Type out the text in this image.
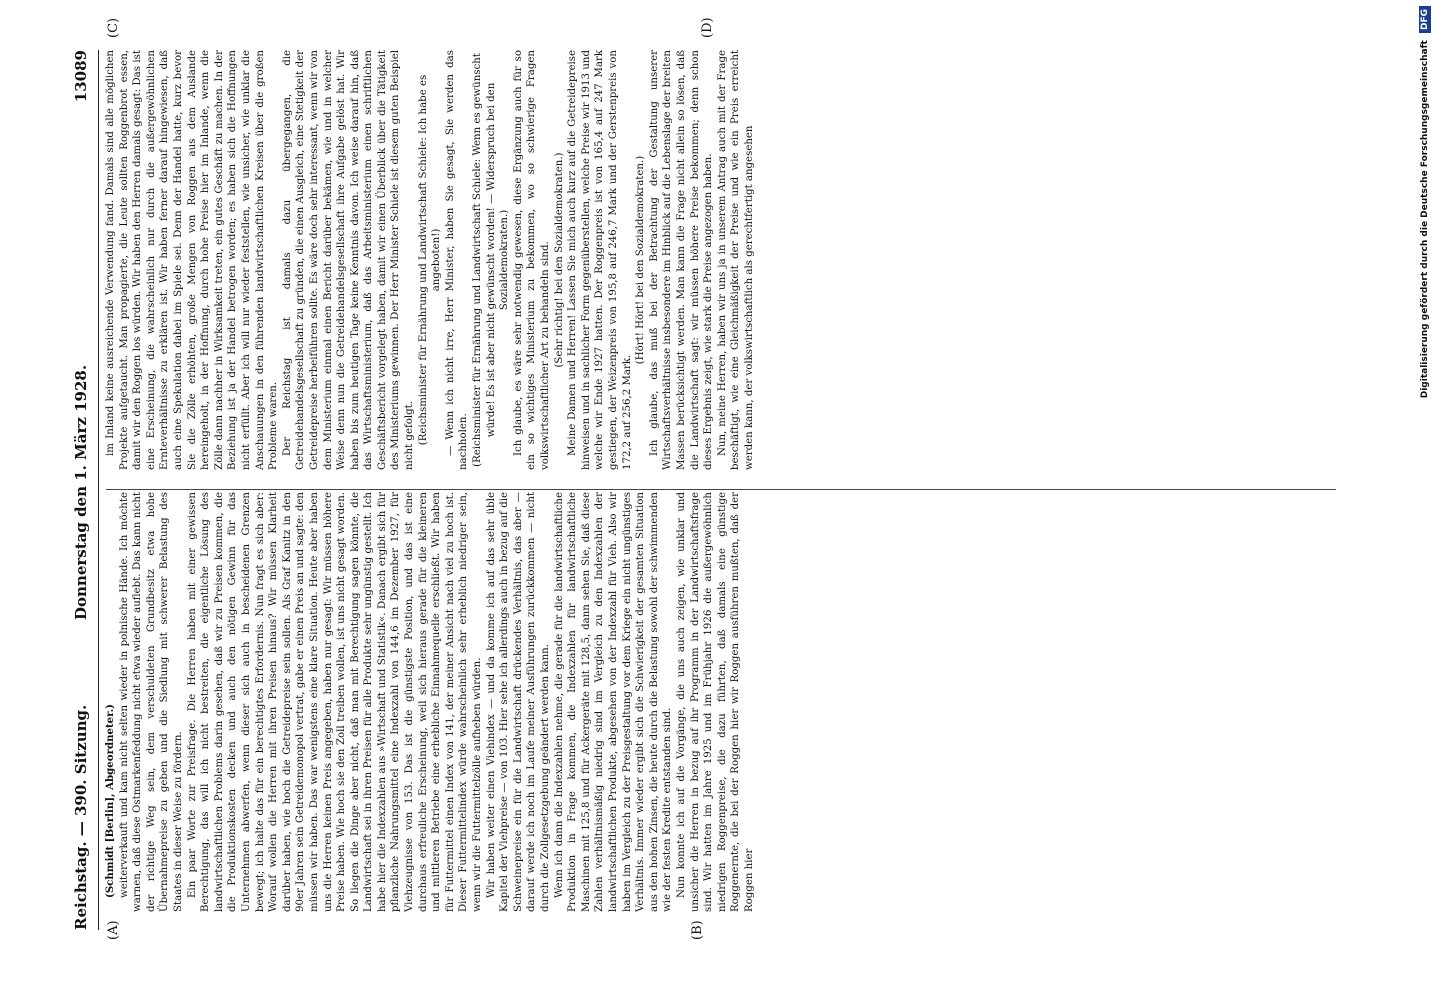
Reichstag. — 390. Sitzung.
Donnerstag den 1. März 1928.
13089
(A)	(B)
(C)	(D)

(Schmidt [Berlin], Abgeordneter.) weiterverkauft und kam nicht selten wieder in polnische Hände. Ich möchte warnen, daß diese Ostmarkenfeddung nicht etwa wieder auflebt. Das kann nicht der richtige Weg sein, dem verschuldeten Grundbesitz etwa hohe Übernahmepreise zu geben und die Siedlung mit schwerer Belastung des Staates in dieser Weise zu fördern. Ein paar Worte zur Preisfrage. Die Herren haben mit einer gewissen Berechtigung, das will ich nicht bestreiten, die eigentliche Lösung des landwirtschaftlichen Problems darin gesehen, daß wir zu Preisen kommen, die die Produktionskosten decken und auch den nötigen Gewinn für das Unternehmen abwerfen, wenn dieser sich auch in bescheidenen Grenzen bewegt; ich halte das für ein berechtigtes Erfordernis. Nun fragt es sich aber: Worauf wollen die Herren mit ihren Preisen hinaus? Wir müssen Klarheit darüber haben, wie hoch die Getreidepreise sein sollen. Als Graf Kanitz in den 90er Jahren sein Getreidemonopol vertrat, gabe er einen Preis an und sagte: den müssen wir haben. Das war wenigstens eine klare Situation. Heute aber haben uns die Herren keinen Preis angegeben, haben nur gesagt: Wir müssen höhere Preise haben. Wie hoch sie den Zoll treiben wollen, ist uns nicht gesagt worden. So liegen die Dinge aber nicht, daß man mit Berechtigung sagen könnte, die Landwirtschaft sei in ihren Preisen für alle Produkte sehr ungünstig gestellt. Ich habe hier die Indexzahlen aus »Wirtschaft und Statistik«. Danach ergibt sich für pflanzliche Nahrungsmittel eine Indexzahl von 144,6 im Dezember 1927, für Viehzeugnisse von 153. Das ist die günstigste Position, und das ist eine durchaus erfreuliche Erscheinung, weil sich hieraus gerade für die kleineren und mittleren Betriebe eine erhebliche Einnahmequelle erschließt. Wir haben für Futtermittel einen Index von 141, der meiner Ansicht nach viel zu hoch ist. Dieser Futtermittelindex würde wahrscheinlich sehr erheblich niedriger sein, wenn wir die Futtermittelzölle aufheben würden. Wir haben weiter einen Viehindex — und da komme ich auf das sehr üble Kapitel der Viehpreise — von 103. Hier sehe ich allerdings auch in bezug auf die Schweinepreise ein für die Landwirtschaft drückendes Verhältnis, das aber — darauf werde ich noch im Laufe meiner Ausführungen zurückkommen — nicht durch die Zollgesetzgebung geändert werden kann. Wenn ich dann die Indexzahlen nehme, die gerade für die landwirtschaftliche Produktion in Frage kommen, die Indexzahlen für landwirtschaftliche Maschinen mit 125,8 und für Ackergeräte mit 128,5, dann sehen Sie, daß diese Zahlen verhältnismäßig niedrig sind im Vergleich zu den Indexzahlen der landwirtschaftlichen Produkte, abgesehen von der Indexzahl für Vieh. Also wir haben im Vergleich zu der Preisgestaltung vor dem Kriege ein nicht ungünstiges Verhältnis. Immer wieder ergibt sich die Schwierigkeit der gesamten Situation aus den hohen Zinsen, die heute durch die Belastung sowohl der schwimmenden wie der festen Kredite entstanden sind. Nun konnte ich auf die Vorgänge, die uns auch zeigen, wie unklar und unsicher die Herren in bezug auf ihr Programm in der Landwirtschaftsfrage sind. Wir hatten im Jahre 1925 und im Frühjahr 1926 die außergewöhnlich niedrigen Roggenpreise, die dazu führten, daß damals eine günstige Roggenernte, die bei der Roggen hier wir Roggen ausführen mußten, daß der Roggen hier

im Inland keine ausreichende Verwendung fand. Damals sind alle möglichen Projekte aufgetaucht. Man propagierte, die Leute sollten Roggenbrot essen, damit wir den Roggen los würden. Wir haben den Herren damals gesagt: Das ist eine Erscheinung, die wahrscheinlich nur durch die außergewöhnlichen Ernteverhältnisse zu erklären ist. Wir haben ferner darauf hingewiesen, daß auch eine Spekulation dabei im Spiele sei. Denn der Handel hatte, kurz bevor Sie die Zölle erhöhten, große Mengen von Roggen aus dem Auslande hereingeholt, in der Hoffnung, durch hohe Preise hier im Inlande, wenn die Zölle dann nachher in Wirksamkeit treten, ein gutes Geschäft zu machen. In der Beziehung ist ja der Handel betrogen worden; es haben sich die Hoffnungen nicht erfüllt. Aber ich will nur wieder feststellen, wie unsicher, wie unklar die Anschauungen in den führenden landwirtschaftlichen Kreisen über die großen Probleme waren. Der Reichstag ist damals dazu übergegangen, die Getreidehandelsgesellschaft zu gründen, die einen Ausgleich, eine Stetigkeit der Getreidepreise herbeiführen sollte. Es wäre doch sehr interessant, wenn wir von dem Ministerium einmal einen Bericht darüber bekämen, wie und in welcher Weise denn nun die Getreidehandelsgesellschaft ihre Aufgabe gelöst hat. Wir haben bis zum heutigen Tage keine Kenntnis davon. Ich weise darauf hin, daß das Wirtschaftsministerium, daß das Arbeitsministerium einen schriftlichen Geschäftsbericht vorgelegt haben, damit wir einen Überblick über die Tätigkeit des Ministeriums gewinnen. Der Herr Minister Schiele ist diesem guten Beispiel nicht gefolgt. (Reichsminister für Ernährung und Landwirtschaft Schiele: Ich habe es angeboten!) — Wenn ich nicht irre, Herr Minister, haben Sie gesagt, Sie werden das nachholen. (Reichsminister für Ernährung und Landwirtschaft Schiele: Wenn es gewünscht würde! Es ist aber nicht gewünscht worden! — Widerspruch bei den Sozialdemokraten.) Ich glaube, es wäre sehr notwendig gewesen, diese Ergänzung auch für so ein so wichtiges Ministerium zu bekommen, wo so schwierige Fragen volkswirtschaftlicher Art zu behandeln sind. (Sehr richtig! bei den Sozialdemokraten.) Meine Damen und Herren! Lassen Sie mich auch kurz auf die Getreidepreise hinweisen und in sachlicher Form gegenüberstellen, welche Preise wir 1913 und welche wir Ende 1927 hatten. Der Roggenpreis ist von 165,4 auf 247 Mark gestiegen, der Weizenpreis von 195,8 auf 246,7 Mark und der Gerstenpreis von 172,2 auf 256,2 Mark.

(Hört! Hört! bei den Sozialdemokraten.) Ich glaube, das muß bei der Betrachtung der Gestaltung unserer Wirtschaftsverhältnisse insbesondere im Hinblick auf die Lebenslage der breiten Massen berücksichtigt werden. Man kann die Frage nicht allein so lösen, daß die Landwirtschaft sagt: wir müssen höhere Preise bekommen; denn schon dieses Ergebnis zeigt, wie stark die Preise angezogen haben. Nun, meine Herren, haben wir uns ja in unserem Antrag auch mit der Frage beschäftigt, wie eine Gleichmäßigkeit der Preise und wie ein Preis erreicht werden kann, der volkswirtschaftlich als gerechtfertigt angesehen	Digitalisierung gefördert durch die Deutsche Forschungsgemeinschaft DFG
